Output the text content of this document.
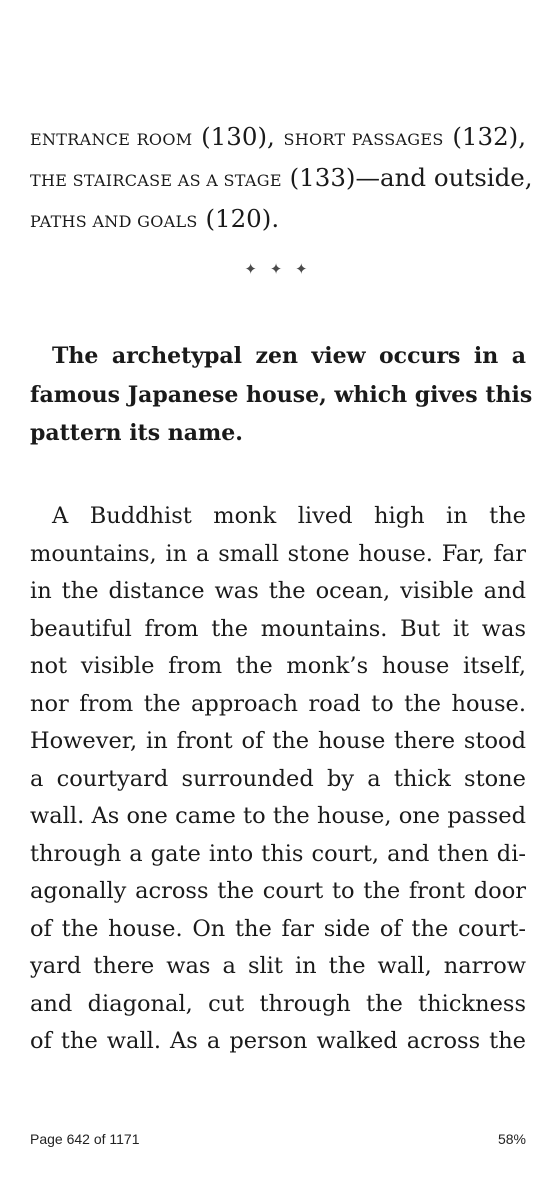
ENTRANCE ROOM (130), SHORT PASSAGES (132),
THE STAIRCASE AS A STAGE (133)—and outside,
PATHS AND GOALS (120).
✦ ✦ ✦
The archetypal zen view occurs in a
famous Japanese house, which gives this
pattern its name.
A Buddhist monk lived high in the
mountains, in a small stone house. Far, far
in the distance was the ocean, visible and
beautiful from the mountains. But it was
not visible from the monk’s house itself,
nor from the approach road to the house.
However, in front of the house there stood
a courtyard surrounded by a thick stone
wall. As one came to the house, one passed
through a gate into this court, and then di-
agonally across the court to the front door
of the house. On the far side of the court-
yard there was a slit in the wall, narrow
and diagonal, cut through the thickness
of the wall. As a person walked across the
Page 642 of 1171	58%
